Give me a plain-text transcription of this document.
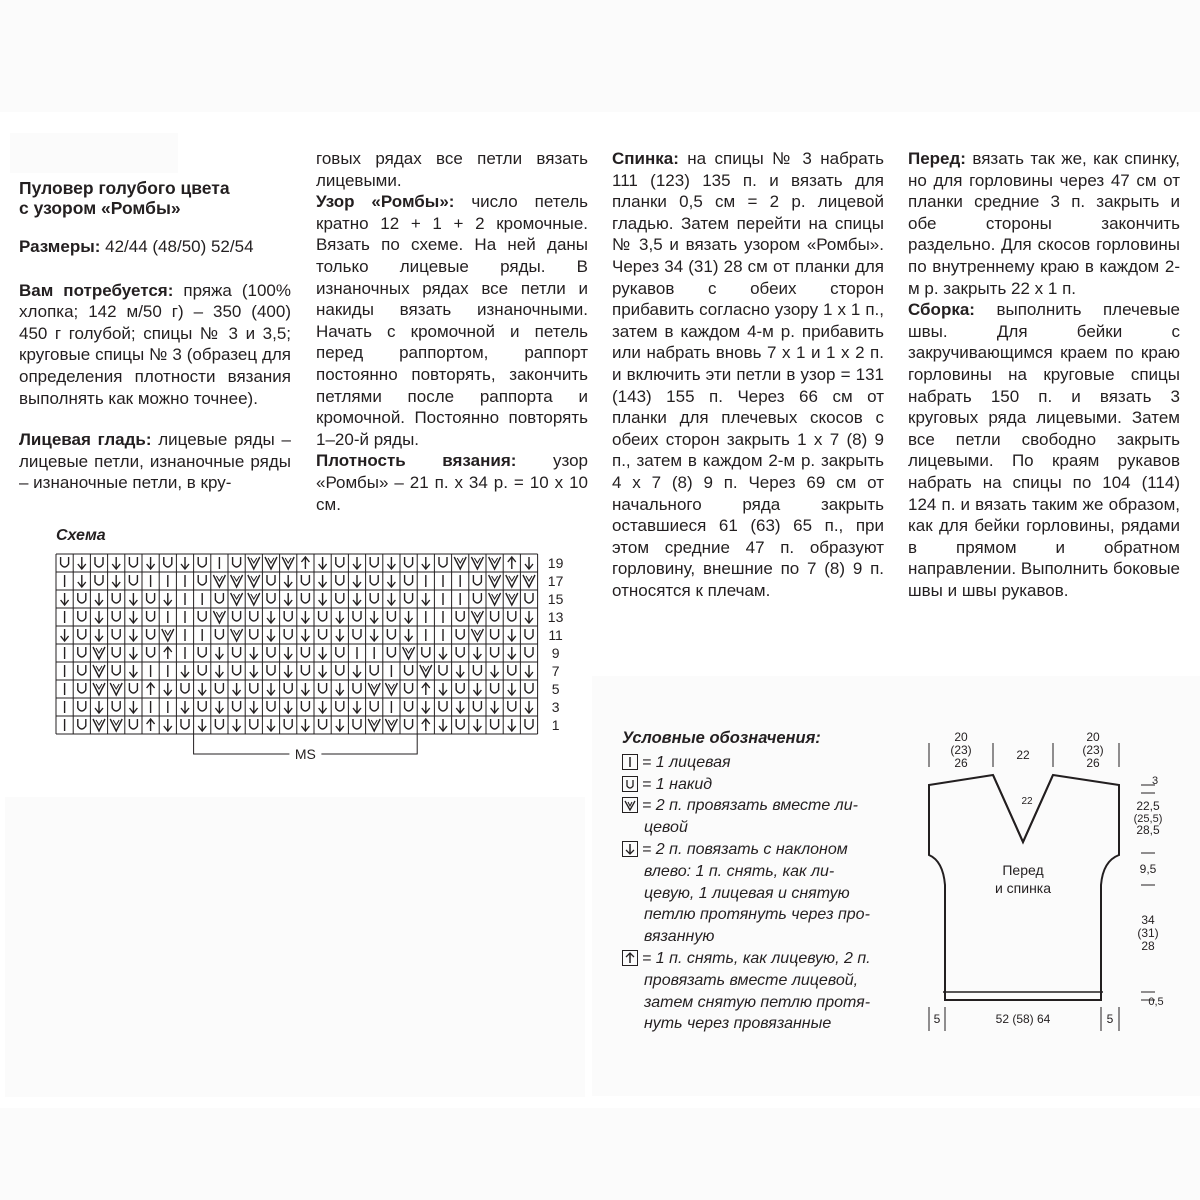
Пуловер голубого цвета
с узором «Ромбы»

Размеры: 42/44 (48/50) 52/54

Вам потребуется: пряжа (100% хлопка; 142 м/50 г) – 350 (400) 450 г голубой; спицы № 3 и 3,5; круговые спицы № 3 (образец для определения плотности вязания выполнять как можно точнее).

Лицевая гладь: лицевые ряды – лицевые петли, изнаночные ряды – изнаночные петли, в кру-

говых рядах все петли вязать лицевыми.

Узор «Ромбы»: число петель кратно 12 + 1 + 2 кромочные. Вязать по схеме. На ней даны только лицевые ряды. В изнаночных рядах все петли и накиды вязать изнаночными. Начать с кромочной и петель перед раппортом, раппорт постоянно повторять, закончить петлями после раппорта и кромочной. Постоянно повторять 1–20-й ряды.

Плотность вязания: узор «Ромбы» – 21 п. x 34 р. = 10 x 10 см.

Спинка: на спицы № 3 набрать 111 (123) 135 п. и вязать для планки 0,5 см = 2 р. лицевой гладью. Затем перейти на спицы № 3,5 и вязать узором «Ромбы». Через 34 (31) 28 см от планки для рукавов с обеих сторон прибавить согласно узору 1 x 1 п., затем в каждом 4-м р. прибавить или набрать вновь 7 x 1 и 1 x 2 п. и включить эти петли в узор = 131 (143) 155 п. Через 66 см от планки для плечевых скосов с обеих сторон закрыть 1 x 7 (8) 9 п., затем в каждом 2-м р. закрыть 4 x 7 (8) 9 п. Через 69 см от начального ряда закрыть оставшиеся 61 (63) 65 п., при этом средние 47 п. образуют горловину, внешние по 7 (8) 9 п. относятся к плечам.

Перед: вязать так же, как спинку, но для горловины через 47 см от планки средние 3 п. закрыть и обе стороны закончить раздельно. Для скосов горловины по внутреннему краю в каждом 2-м р. закрыть 22 x 1 п.

Сборка: выполнить плечевые швы. Для бейки с закручивающимся краем по краю горловины на круговые спицы набрать 150 п. и вязать 3 круговых ряда лицевыми. Затем все петли свободно закрыть лицевыми. По краям рукавов набрать на спицы по 104 (114) 124 п. и вязать таким же образом, как для бейки горловины, рядами в прямом и обратном направлении. Выполнить боковые швы и швы рукавов.

Схема
19
17
15
13
11
9
7
5
3
1
MS
Условные обозначения:
= 1 лицевая
= 1 накид
= 2 п. провязать вместе ли-
цевой
= 2 п. повязать с наклоном
влево: 1 п. снять, как ли-
цевую, 1 лицевая и снятую
петлю протянуть через про-
вязанную
= 1 п. снять, как лицевую, 2 п.
провязать вместе лицевой,
затем снятую петлю протя-
нуть через провязанные
20
(23)
26
22
20
(23)
26
22
Перед
и спинка
3
22,5
(25,5)
28,5
9,5
34
(31)
28
0,5
5	52 (58) 64	5
